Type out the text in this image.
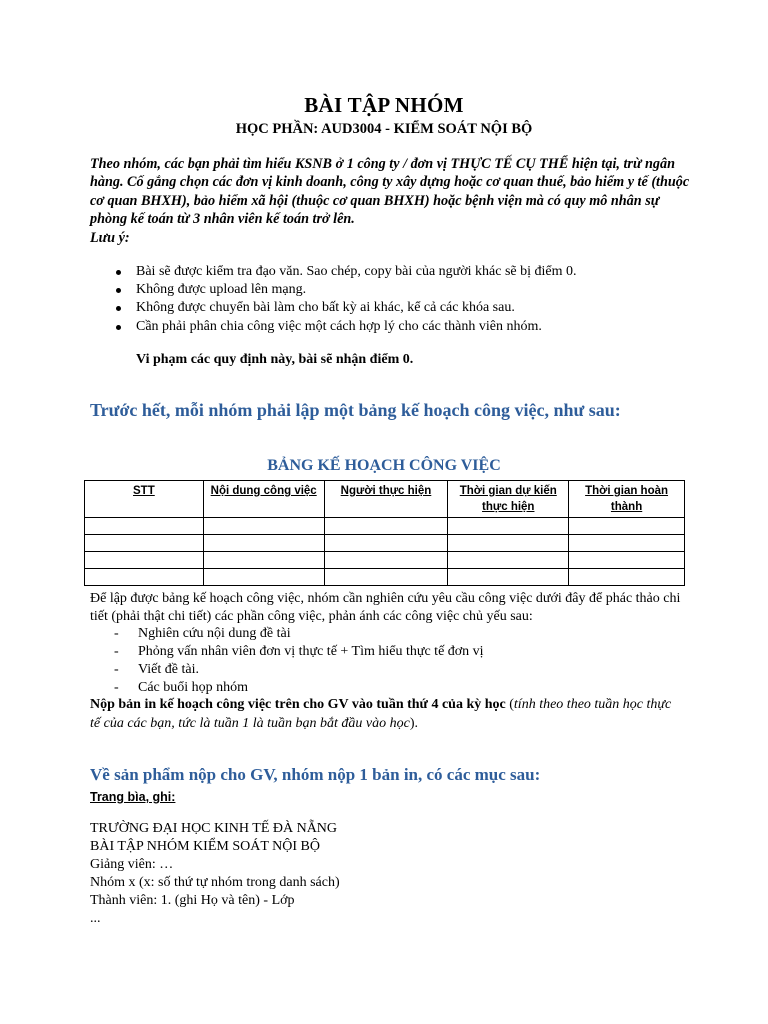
BÀI TẬP NHÓM
HỌC PHẦN: AUD3004 - KIỂM SOÁT NỘI BỘ
Theo nhóm, các bạn phải tìm hiểu KSNB ở 1 công ty / đơn vị THỰC TẾ CỤ THỂ hiện tại, trừ ngân hàng. Cố gắng chọn các đơn vị kinh doanh, công ty xây dựng hoặc cơ quan thuế, bảo hiểm y tế (thuộc cơ quan BHXH), bảo hiểm xã hội (thuộc cơ quan BHXH) hoặc bệnh viện mà có quy mô nhân sự phòng kế toán từ 3 nhân viên kế toán trở lên.
Lưu ý:
Bài sẽ được kiểm tra đạo văn. Sao chép, copy bài của người khác sẽ bị điểm 0.
Không được upload lên mạng.
Không được chuyển bài làm cho bất kỳ ai khác, kể cả các khóa sau.
Cần phải phân chia công việc một cách hợp lý cho các thành viên nhóm.
Vi phạm các quy định này, bài sẽ nhận điểm 0.
Trước hết, mỗi nhóm phải lập một bảng kế hoạch công việc, như sau:
BẢNG KẾ HOẠCH CÔNG VIỆC
STT	Nội dung công việc	Người thực hiện	Thời gian dự kiến thực hiện	Thời gian hoàn thành

Để lập được bảng kế hoạch công việc, nhóm cần nghiên cứu yêu cầu công việc dưới đây để phác thảo chi tiết (phải thật chi tiết) các phần công việc, phản ánh các công việc chủ yếu sau:
- Nghiên cứu nội dung đề tài
- Phỏng vấn nhân viên đơn vị thực tế + Tìm hiểu thực tế đơn vị
- Viết đề tài.
- Các buổi họp nhóm
Nộp bản in kế hoạch công việc trên cho GV vào tuần thứ 4 của kỳ học (tính theo theo tuần học thực tế của các bạn, tức là tuần 1 là tuần bạn bắt đầu vào học).
Về sản phẩm nộp cho GV, nhóm nộp 1 bản in, có các mục sau:
Trang bìa, ghi:
TRƯỜNG ĐẠI HỌC KINH TẾ ĐÀ NẴNG
BÀI TẬP NHÓM KIỂM SOÁT NỘI BỘ
Giảng viên: …
Nhóm x (x: số thứ tự nhóm trong danh sách)
Thành viên: 1. (ghi Họ và tên) - Lớp
...
